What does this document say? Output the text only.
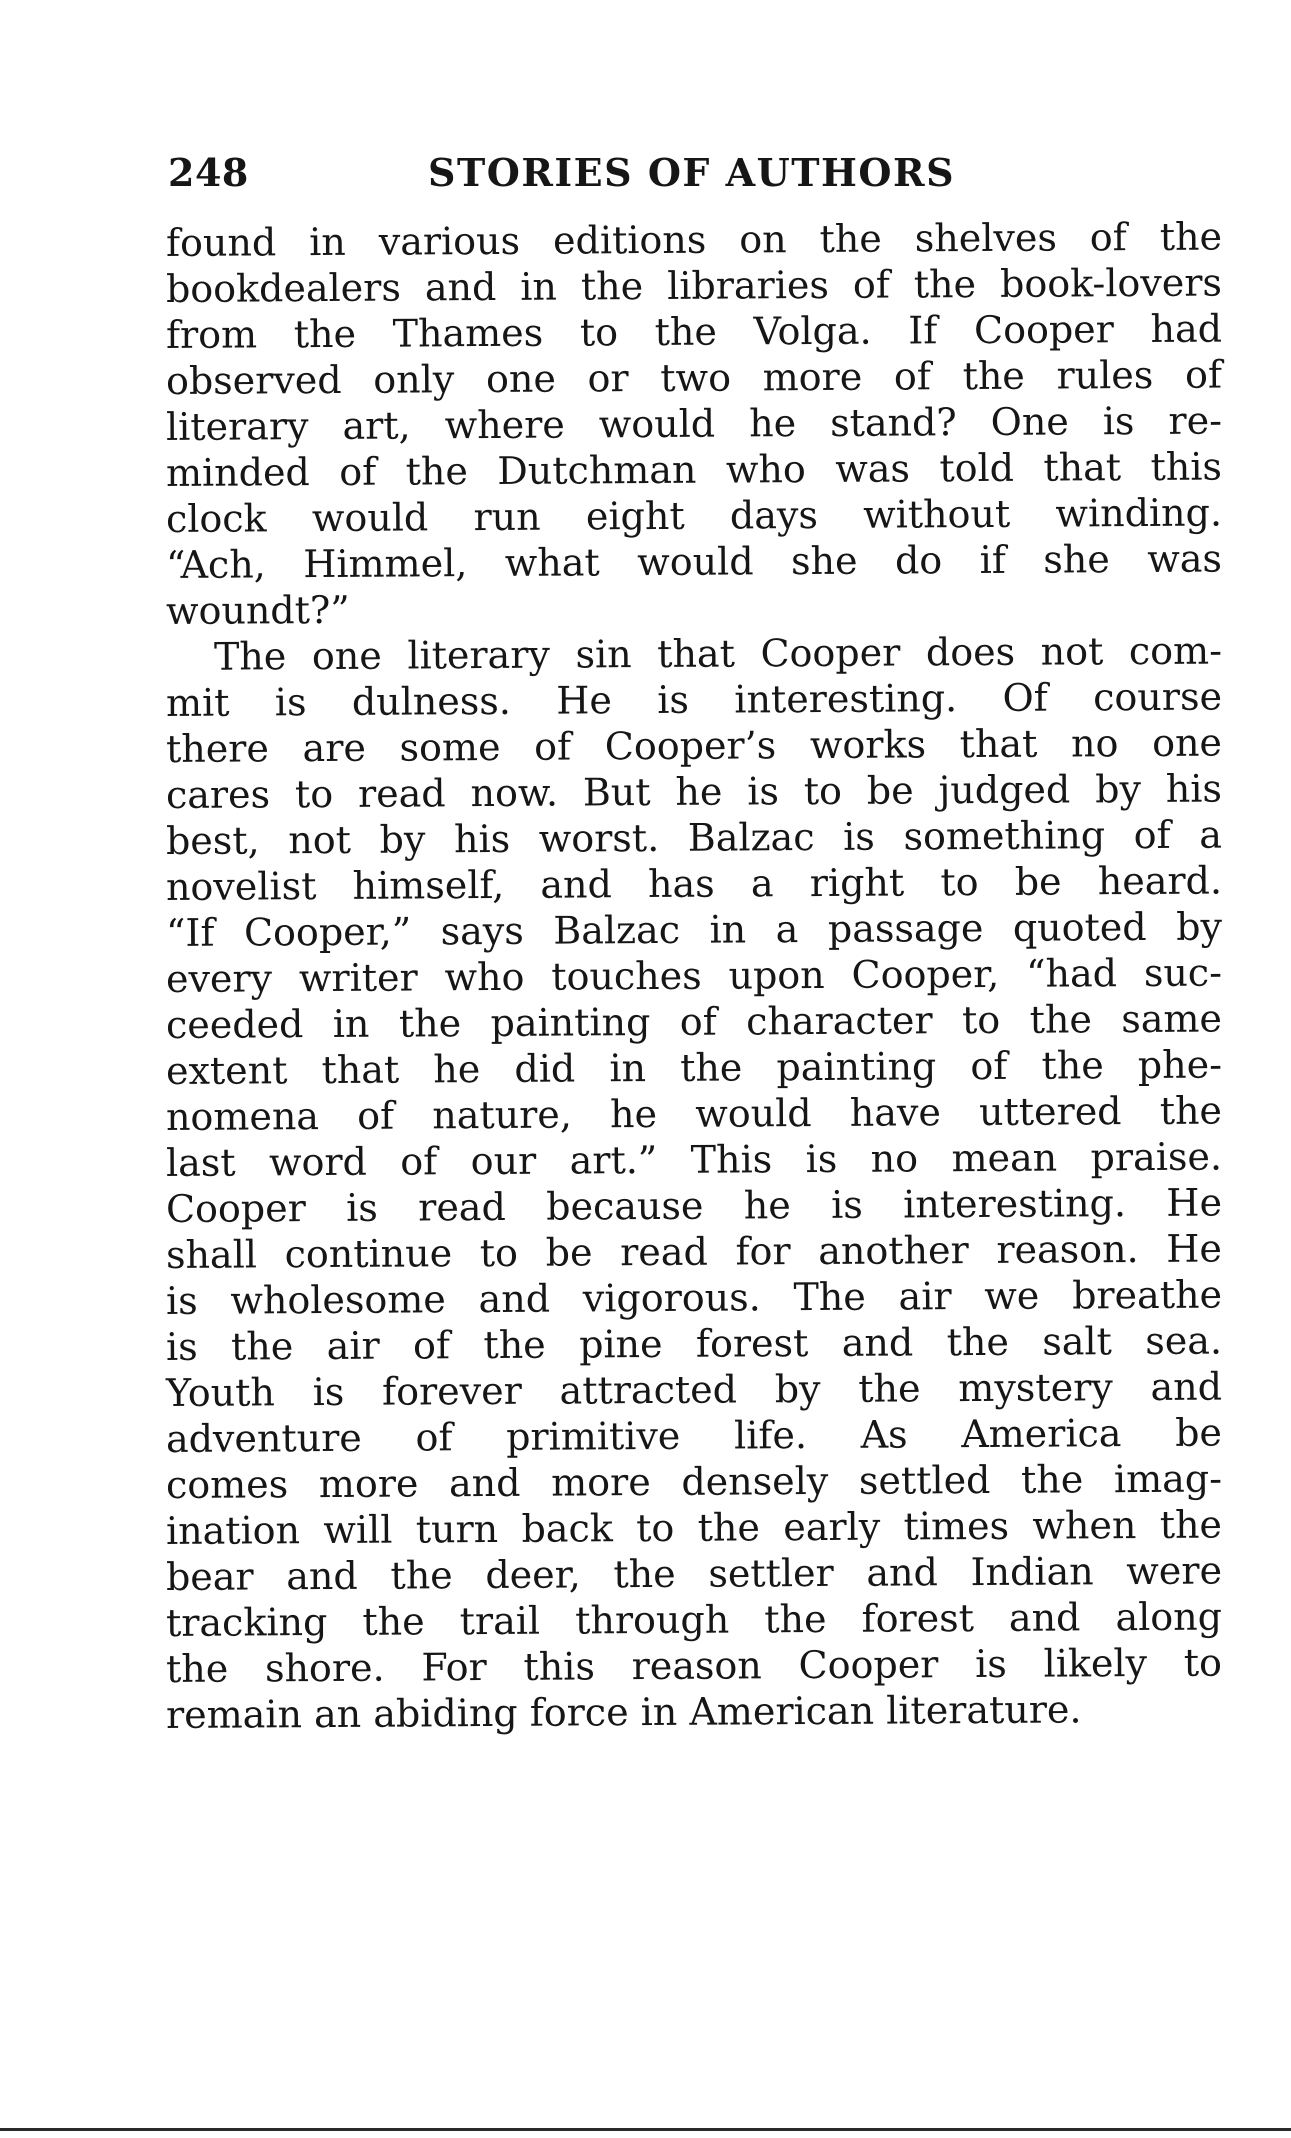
248	STORIES OF AUTHORS
found in various editions on the shelves of the
bookdealers and in the libraries of the book-lovers
from the Thames to the Volga. If Cooper had
observed only one or two more of the rules of
literary art, where would he stand? One is re-
minded of the Dutchman who was told that this
clock would run eight days without winding.
“Ach, Himmel, what would she do if she was
woundt?”
The one literary sin that Cooper does not com-
mit is dulness. He is interesting. Of course
there are some of Cooper’s works that no one
cares to read now. But he is to be judged by his
best, not by his worst. Balzac is something of a
novelist himself, and has a right to be heard.
“If Cooper,” says Balzac in a passage quoted by
every writer who touches upon Cooper, “had suc-
ceeded in the painting of character to the same
extent that he did in the painting of the phe-
nomena of nature, he would have uttered the
last word of our art.” This is no mean praise.
Cooper is read because he is interesting. He
shall continue to be read for another reason. He
is wholesome and vigorous. The air we breathe
is the air of the pine forest and the salt sea.
Youth is forever attracted by the mystery and
adventure of primitive life. As America be
comes more and more densely settled the imag-
ination will turn back to the early times when the
bear and the deer, the settler and Indian were
tracking the trail through the forest and along
the shore. For this reason Cooper is likely to
remain an abiding force in American literature.
